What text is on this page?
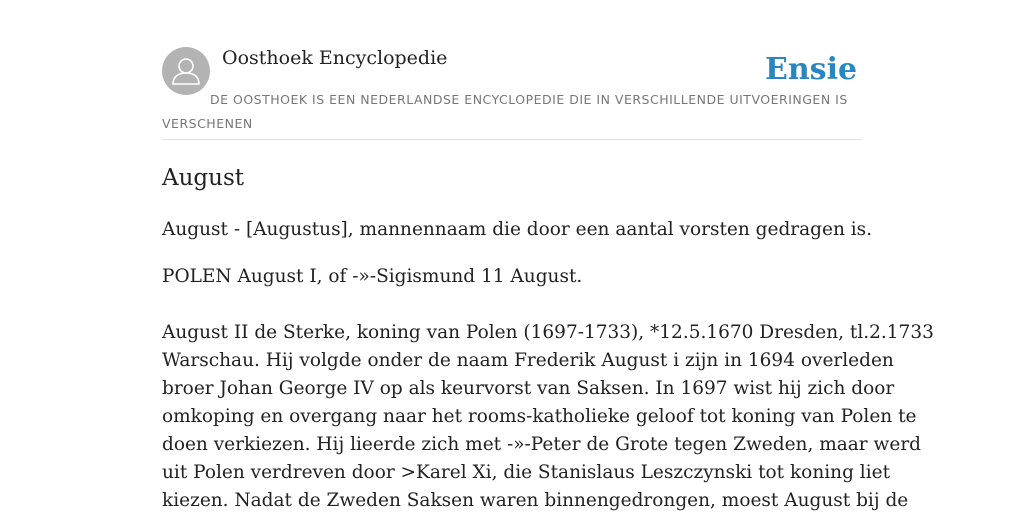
Oosthoek Encyclopedie	Ensie
DE OOSTHOEK IS EEN NEDERLANDSE ENCYCLOPEDIE DIE IN VERSCHILLENDE UITVOERINGEN IS VERSCHENEN
August
August - [Augustus], mannennaam die door een aantal vorsten gedragen is.
POLEN August I, of -»-Sigismund 11 August.
August II de Sterke, koning van Polen (1697-1733), *12.5.1670 Dresden, tl.2.1733
Warschau. Hij volgde onder de naam Frederik August i zijn in 1694 overleden
broer Johan George IV op als keurvorst van Saksen. In 1697 wist hij zich door
omkoping en overgang naar het rooms-katholieke geloof tot koning van Polen te
doen verkiezen. Hij lieerde zich met -»-Peter de Grote tegen Zweden, maar werd
uit Polen verdreven door >Karel Xi, die Stanislaus Leszczynski tot koning liet
kiezen. Nadat de Zweden Saksen waren binnengedrongen, moest August bij de
